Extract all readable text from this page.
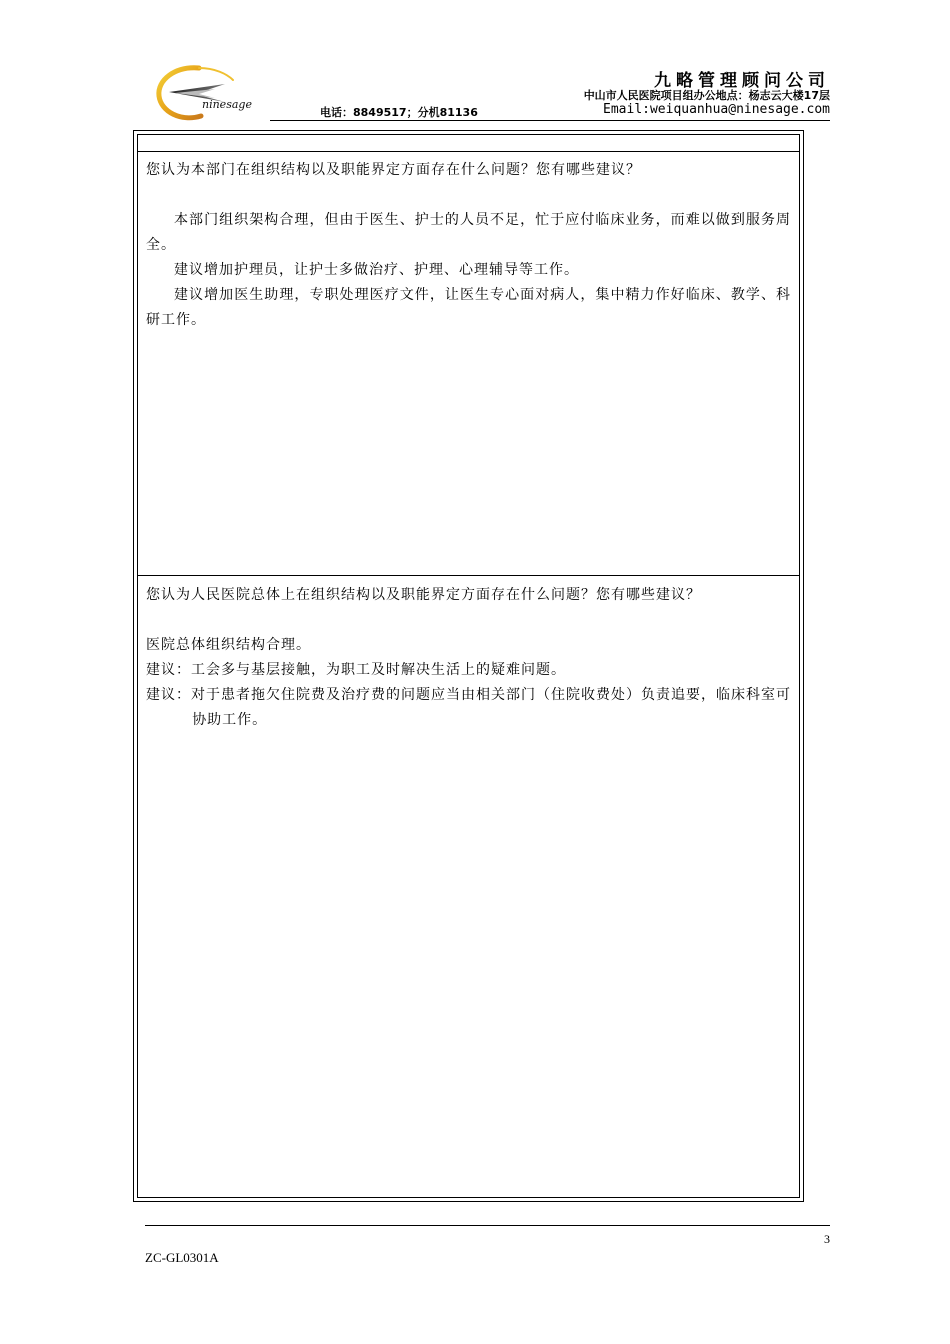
ninesage
九略管理顾问公司
中山市人民医院项目组办公地点：杨志云大楼17层
电话：8849517；分机81136	Email:weiquanhua@ninesage.com

您认为本部门在组织结构以及职能界定方面存在什么问题？您有哪些建议？

本部门组织架构合理，但由于医生、护士的人员不足，忙于应付临床业务，而难以做到服务周全。

建议增加护理员，让护士多做治疗、护理、心理辅导等工作。

建议增加医生助理，专职处理医疗文件，让医生专心面对病人，集中精力作好临床、教学、科研工作。

您认为人民医院总体上在组织结构以及职能界定方面存在什么问题？您有哪些建议？

医院总体组织结构合理。

建议：工会多与基层接触，为职工及时解决生活上的疑难问题。

建议：对于患者拖欠住院费及治疗费的问题应当由相关部门（住院收费处）负责追要，临床科室可协助工作。

3
ZC-GL0301A
